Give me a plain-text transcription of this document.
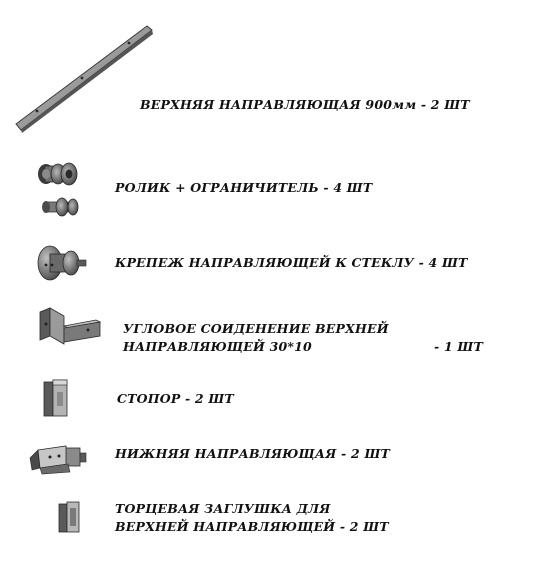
ВЕРХНЯЯ НАПРАВЛЯЮЩАЯ 900мм - 2 ШТ
РОЛИК + ОГРАНИЧИТЕЛЬ - 4 ШТ
КРЕПЕЖ НАПРАВЛЯЮЩЕЙ К СТЕКЛУ - 4 ШТ
УГЛОВОЕ СОИДЕНЕНИЕ ВЕРХНЕЙ
НАПРАВЛЯЮЩЕЙ 30*10	- 1 ШТ
СТОПОР - 2 ШТ
НИЖНЯЯ НАПРАВЛЯЮЩАЯ - 2 ШТ
ТОРЦЕВАЯ ЗАГЛУШКА ДЛЯ
ВЕРХНЕЙ НАПРАВЛЯЮЩЕЙ - 2 ШТ
